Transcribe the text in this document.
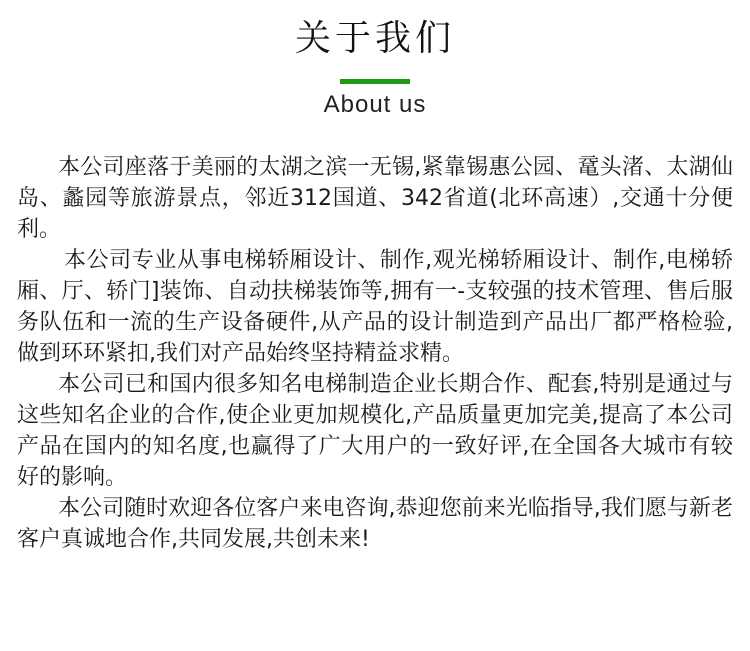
关于我们
About us

本公司座落于美丽的太湖之滨一无锡,紧靠锡惠公园、鼋头渚、太湖仙岛、蠡园等旅游景点，邻近312国道、342省道(北环高速）,交通十分便利。

本公司专业从事电梯轿厢设计、制作,观光梯轿厢设计、制作,电梯轿厢、厅、轿门]装饰、自动扶梯装饰等,拥有一-支较强的技术管理、售后服务队伍和一流的生产设备硬件,从产品的设计制造到产品出厂都严格检验,做到环环紧扣,我们对产品始终坚持精益求精。

本公司已和国内很多知名电梯制造企业长期合作、配套,特别是通过与这些知名企业的合作,使企业更加规模化,产品质量更加完美,提高了本公司产品在国内的知名度,也赢得了广大用户的一致好评,在全国各大城市有较好的影响。

本公司随时欢迎各位客户来电咨询,恭迎您前来光临指导,我们愿与新老客户真诚地合作,共同发展,共创未来!
